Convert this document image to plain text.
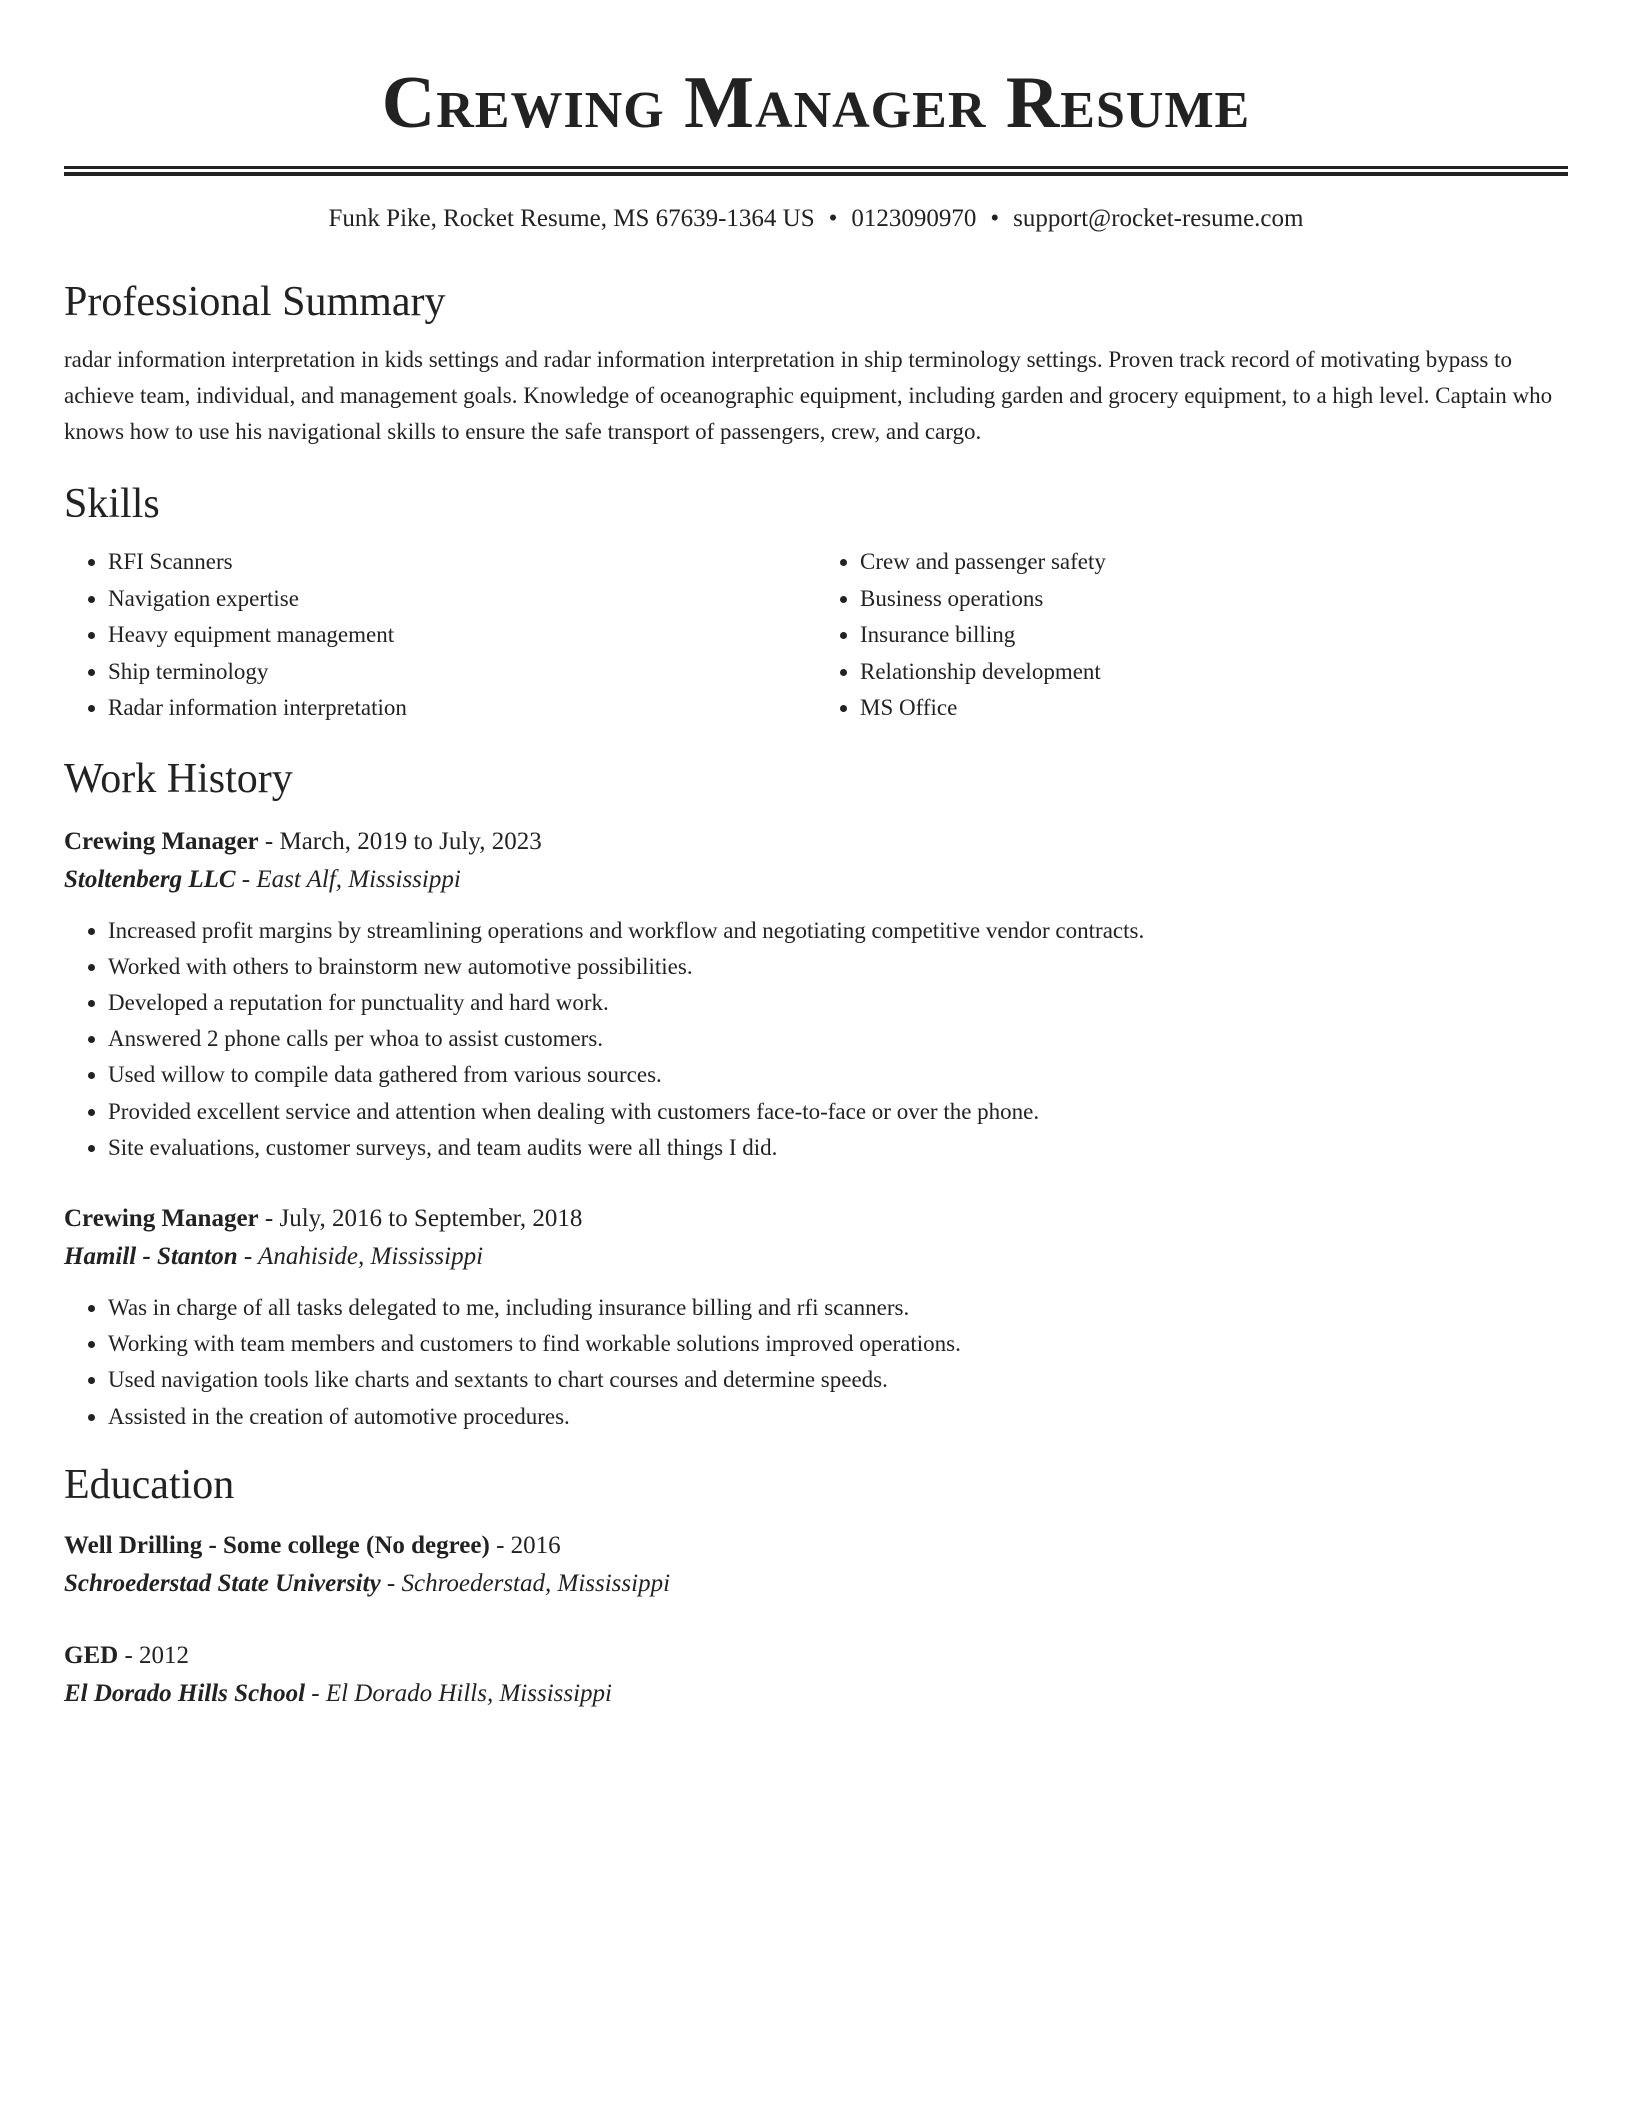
Crewing Manager Resume
Funk Pike, Rocket Resume, MS 67639-1364 US • 0123090970 • support@rocket-resume.com
Professional Summary

radar information interpretation in kids settings and radar information interpretation in ship terminology settings. Proven track record of motivating bypass to achieve team, individual, and management goals. Knowledge of oceanographic equipment, including garden and grocery equipment, to a high level. Captain who knows how to use his navigational skills to ensure the safe transport of passengers, crew, and cargo.

Skills
• RFI Scanners
• Navigation expertise
• Heavy equipment management
• Ship terminology
• Radar information interpretation
• Crew and passenger safety
• Business operations
• Insurance billing
• Relationship development
• MS Office
Work History
Crewing Manager - March, 2019 to July, 2023
Stoltenberg LLC - East Alf, Mississippi
• Increased profit margins by streamlining operations and workflow and negotiating competitive vendor contracts.
• Worked with others to brainstorm new automotive possibilities.
• Developed a reputation for punctuality and hard work.
• Answered 2 phone calls per whoa to assist customers.
• Used willow to compile data gathered from various sources.
• Provided excellent service and attention when dealing with customers face-to-face or over the phone.
• Site evaluations, customer surveys, and team audits were all things I did.
Crewing Manager - July, 2016 to September, 2018
Hamill - Stanton - Anahiside, Mississippi
• Was in charge of all tasks delegated to me, including insurance billing and rfi scanners.
• Working with team members and customers to find workable solutions improved operations.
• Used navigation tools like charts and sextants to chart courses and determine speeds.
• Assisted in the creation of automotive procedures.
Education
Well Drilling - Some college (No degree) - 2016
Schroederstad State University - Schroederstad, Mississippi
GED - 2012
El Dorado Hills School - El Dorado Hills, Mississippi
